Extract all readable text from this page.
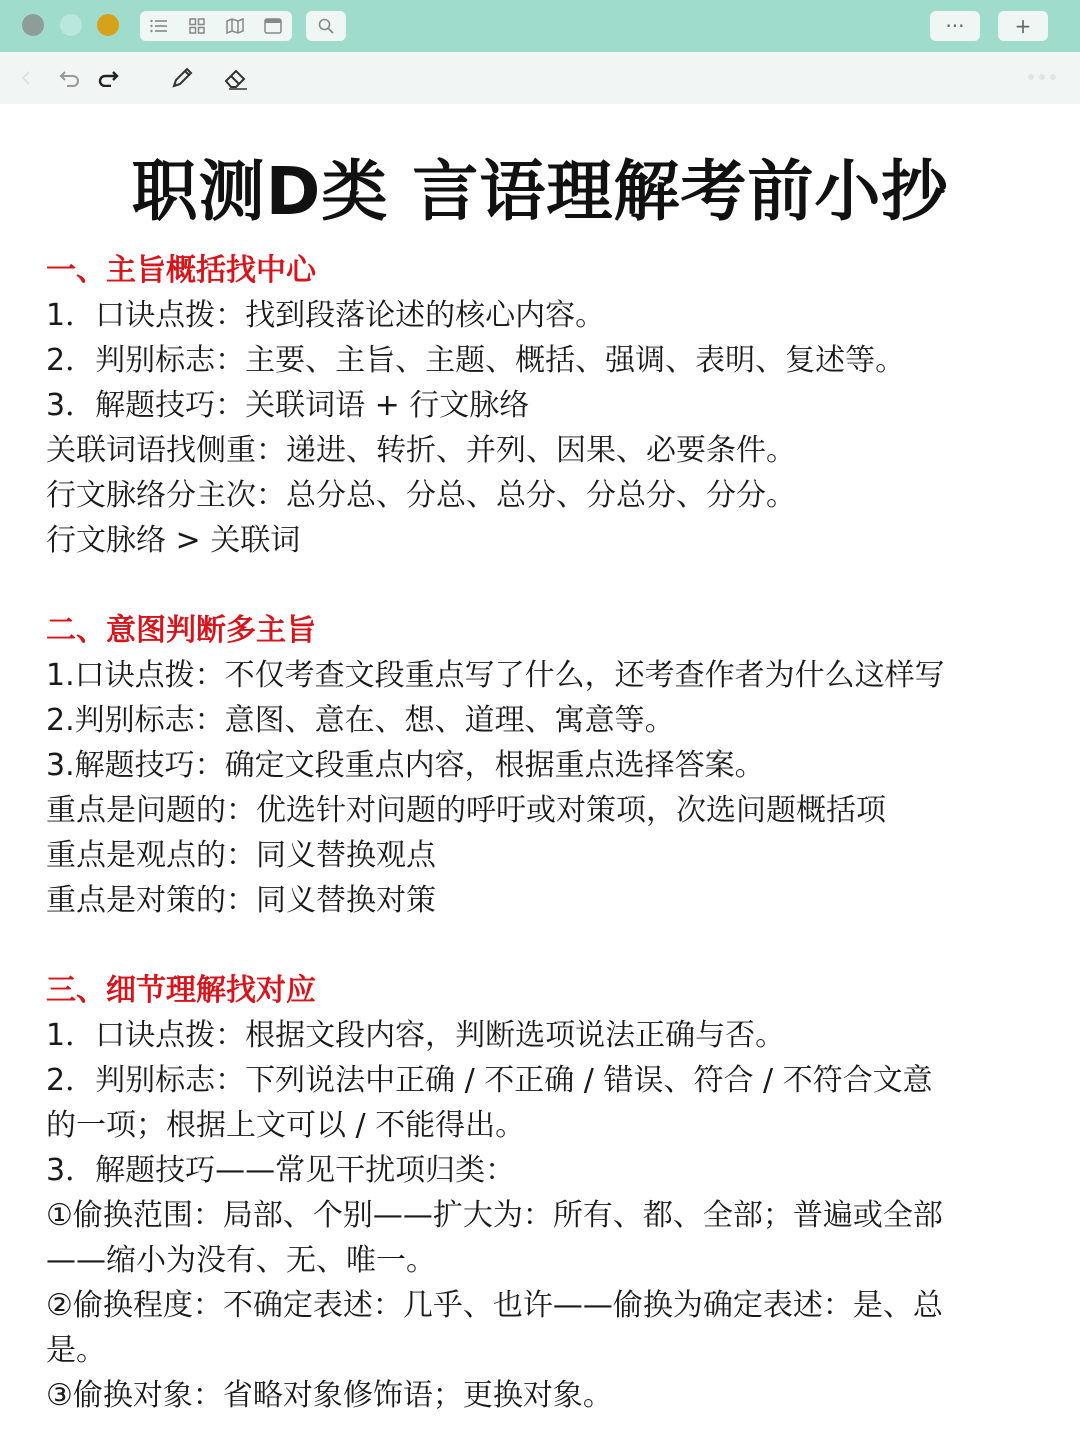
···	+
职测D类 言语理解考前小抄
一、主旨概括找中心
1．口诀点拨：找到段落论述的核心内容。
2．判别标志：主要、主旨、主题、概括、强调、表明、复述等。
3．解题技巧：关联词语 + 行文脉络
关联词语找侧重：递进、转折、并列、因果、必要条件。
行文脉络分主次：总分总、分总、总分、分总分、分分。
行文脉络 > 关联词
二、意图判断多主旨
1.口诀点拨：不仅考查文段重点写了什么，还考查作者为什么这样写
2.判别标志：意图、意在、想、道理、寓意等。
3.解题技巧：确定文段重点内容，根据重点选择答案。
重点是问题的：优选针对问题的呼吁或对策项，次选问题概括项
重点是观点的：同义替换观点
重点是对策的：同义替换对策
三、细节理解找对应
1．口诀点拨：根据文段内容，判断选项说法正确与否。
2．判别标志：下列说法中正确 / 不正确 / 错误、符合 / 不符合文意
的一项；根据上文可以 / 不能得出。
3．解题技巧——常见干扰项归类：
①偷换范围：局部、个别——扩大为：所有、都、全部；普遍或全部
——缩小为没有、无、唯一。
②偷换程度：不确定表述：几乎、也许——偷换为确定表述：是、总
是。
③偷换对象：省略对象修饰语；更换对象。
